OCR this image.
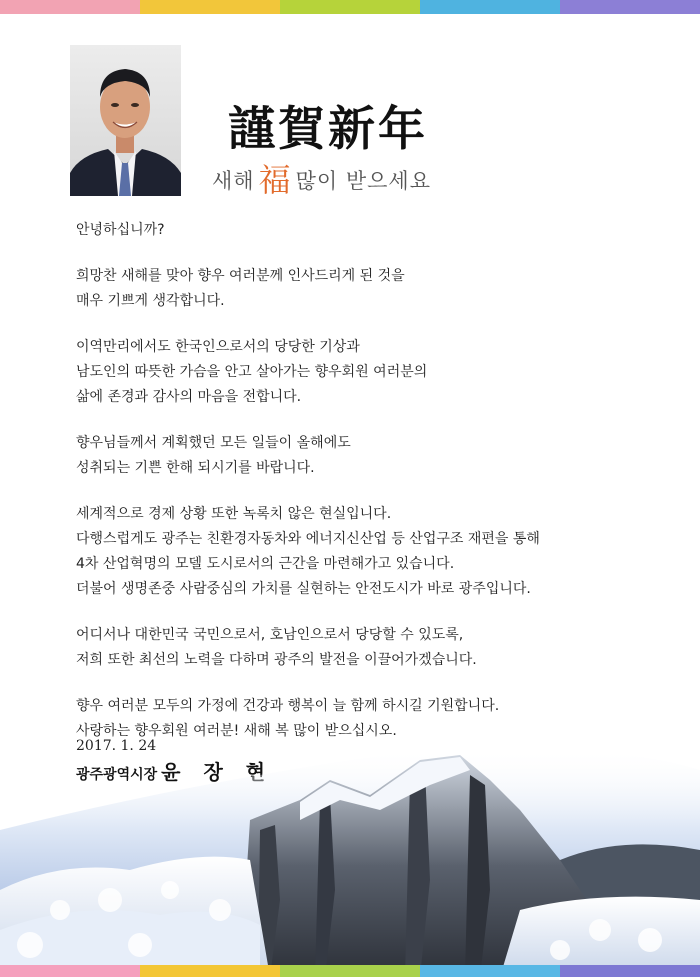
謹賀新年
새해 福 많이 받으세요

안녕하십니까?

희망찬 새해를 맞아 향우 여러분께 인사드리게 된 것을
매우 기쁘게 생각합니다.

이역만리에서도 한국인으로서의 당당한 기상과
남도인의 따뜻한 가슴을 안고 살아가는 향우회원 여러분의
삶에 존경과 감사의 마음을 전합니다.

향우님들께서 계획했던 모든 일들이 올해에도
성취되는 기쁜 한해 되시기를 바랍니다.

세계적으로 경제 상황 또한 녹록치 않은 현실입니다.
다행스럽게도 광주는 친환경자동차와 에너지신산업 등 산업구조 재편을 통해
4차 산업혁명의 모델 도시로서의 근간을 마련해가고 있습니다.
더불어 생명존중 사람중심의 가치를 실현하는 안전도시가 바로 광주입니다.

어디서나 대한민국 국민으로서, 호남인으로서 당당할 수 있도록,
저희 또한 최선의 노력을 다하며 광주의 발전을 이끌어가겠습니다.

향우 여러분 모두의 가정에 건강과 행복이 늘 함께 하시길 기원합니다.
사랑하는 향우회원 여러분! 새해 복 많이 받으십시오.

2017. 1. 24
광주광역시장 윤 장 현
